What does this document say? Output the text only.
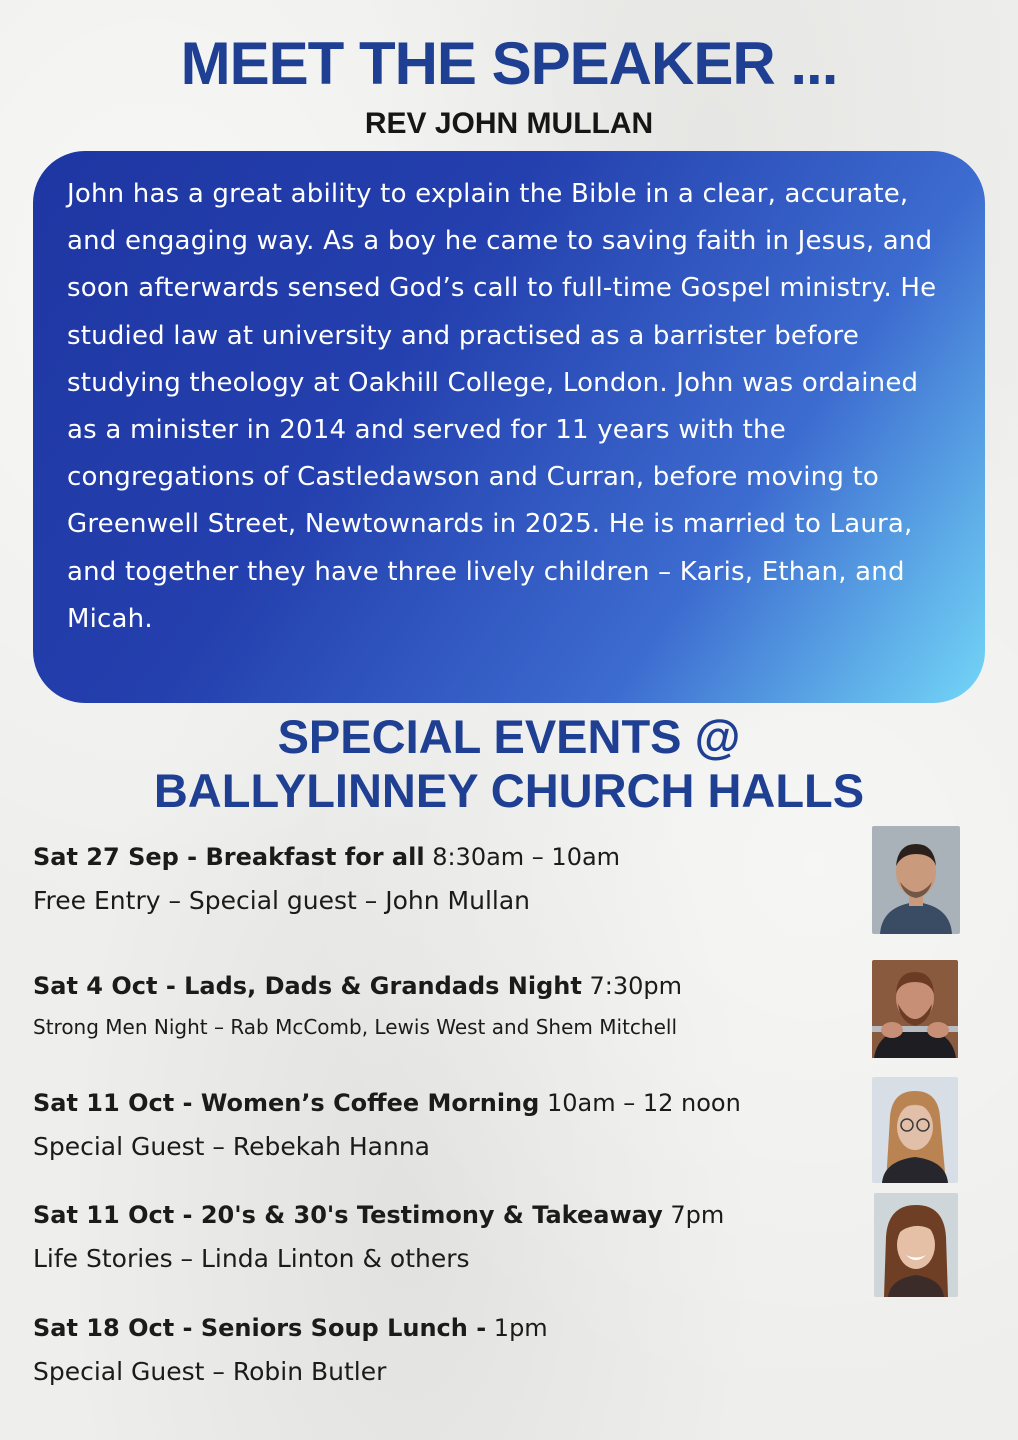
MEET THE SPEAKER ...
REV JOHN MULLAN

John has a great ability to explain the Bible in a clear, accurate, and engaging way. As a boy he came to saving faith in Jesus, and soon afterwards sensed God’s call to full-time Gospel ministry. He studied law at university and practised as a barrister before studying theology at Oakhill College, London. John was ordained as a minister in 2014 and served for 11 years with the congregations of Castledawson and Curran, before moving to Greenwell Street, Newtownards in 2025. He is married to Laura, and together they have three lively children – Karis, Ethan, and Micah.

SPECIAL EVENTS @
BALLYLINNEY CHURCH HALLS
Sat 27 Sep - Breakfast for all 8:30am – 10am
Free Entry – Special guest – John Mullan
Sat 4 Oct - Lads, Dads & Grandads Night 7:30pm
Strong Men Night – Rab McComb, Lewis West and Shem Mitchell
Sat 11 Oct - Women’s Coffee Morning 10am – 12 noon
Special Guest – Rebekah Hanna
Sat 11 Oct - 20's & 30's Testimony & Takeaway 7pm
Life Stories – Linda Linton & others
Sat 18 Oct - Seniors Soup Lunch - 1pm
Special Guest – Robin Butler
